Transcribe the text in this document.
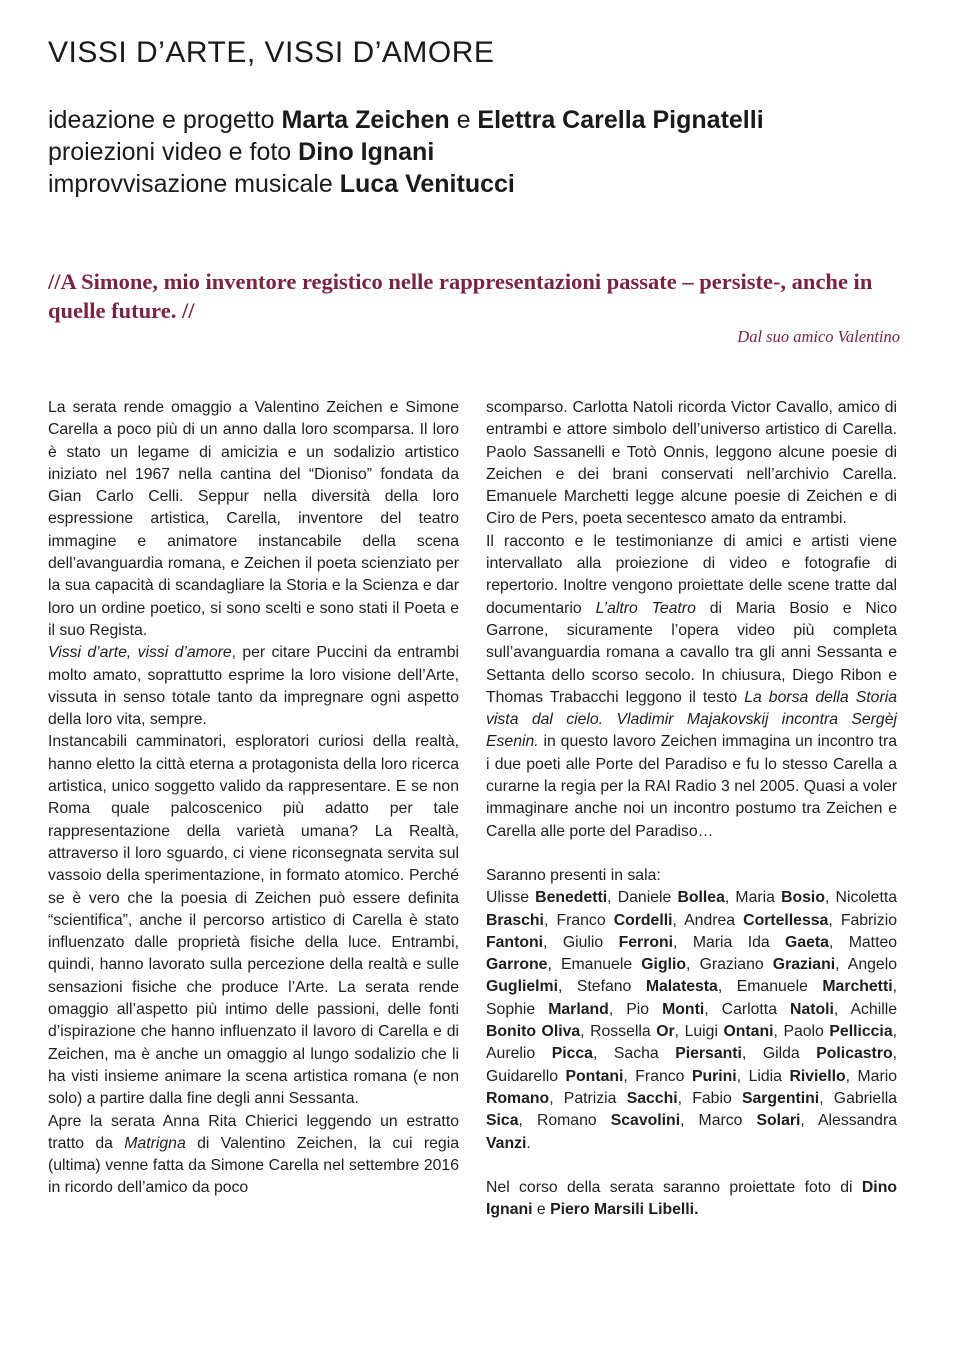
VISSI D’ARTE, VISSI D’AMORE
ideazione e progetto Marta Zeichen e Elettra Carella Pignatelli
proiezioni video e foto Dino Ignani
improvvisazione musicale Luca Venitucci

//A Simone, mio inventore registico nelle rappresentazioni passate – persiste-, anche in quelle future. //

Dal suo amico Valentino

La serata rende omaggio a Valentino Zeichen e Simone Carella a poco più di un anno dalla loro scomparsa. Il loro è stato un legame di amicizia e un sodalizio artistico iniziato nel 1967 nella cantina del “Dioniso” fondata da Gian Carlo Celli. Seppur nella diversità della loro espressione artistica, Carella, inventore del teatro immagine e animatore instancabile della scena dell’avanguardia romana, e Zeichen il poeta scienziato per la sua capacità di scandagliare la Storia e la Scienza e dar loro un ordine poetico, si sono scelti e sono stati il Poeta e il suo Regista.

Vissi d’arte, vissi d’amore, per citare Puccini da entrambi molto amato, soprattutto esprime la loro visione dell’Arte, vissuta in senso totale tanto da impregnare ogni aspetto della loro vita, sempre.

Instancabili camminatori, esploratori curiosi della realtà, hanno eletto la città eterna a protagonista della loro ricerca artistica, unico soggetto valido da rappresentare. E se non Roma quale palcoscenico più adatto per tale rappresentazione della varietà umana? La Realtà, attraverso il loro sguardo, ci viene riconsegnata servita sul vassoio della sperimentazione, in formato atomico. Perché se è vero che la poesia di Zeichen può essere definita “scientifica”, anche il percorso artistico di Carella è stato influenzato dalle proprietà fisiche della luce. Entrambi, quindi, hanno lavorato sulla percezione della realtà e sulle sensazioni fisiche che produce l’Arte. La serata rende omaggio all’aspetto più intimo delle passioni, delle fonti d’ispirazione che hanno influenzato il lavoro di Carella e di Zeichen, ma è anche un omaggio al lungo sodalizio che li ha visti insieme animare la scena artistica romana (e non solo) a partire dalla fine degli anni Sessanta.

Apre la serata Anna Rita Chierici leggendo un estratto tratto da Matrigna di Valentino Zeichen, la cui regia (ultima) venne fatta da Simone Carella nel settembre 2016 in ricordo dell’amico da poco

scomparso. Carlotta Natoli ricorda Victor Cavallo, amico di entrambi e attore simbolo dell’universo artistico di Carella. Paolo Sassanelli e Totò Onnis, leggono alcune poesie di Zeichen e dei brani conservati nell’archivio Carella. Emanuele Marchetti legge alcune poesie di Zeichen e di Ciro de Pers, poeta secentesco amato da entrambi.

Il racconto e le testimonianze di amici e artisti viene intervallato alla proiezione di video e fotografie di repertorio. Inoltre vengono proiettate delle scene tratte dal documentario L’altro Teatro di Maria Bosio e Nico Garrone, sicuramente l’opera video più completa sull’avanguardia romana a cavallo tra gli anni Sessanta e Settanta dello scorso secolo. In chiusura, Diego Ribon e Thomas Trabacchi leggono il testo La borsa della Storia vista dal cielo. Vladimir Majakovskij incontra Sergèj Esenin. in questo lavoro Zeichen immagina un incontro tra i due poeti alle Porte del Paradiso e fu lo stesso Carella a curarne la regia per la RAI Radio 3 nel 2005. Quasi a voler immaginare anche noi un incontro postumo tra Zeichen e Carella alle porte del Paradiso…

Saranno presenti in sala:

Ulisse Benedetti, Daniele Bollea, Maria Bosio, Nicoletta Braschi, Franco Cordelli, Andrea Cortellessa, Fabrizio Fantoni, Giulio Ferroni, Maria Ida Gaeta, Matteo Garrone, Emanuele Giglio, Graziano Graziani, Angelo Guglielmi, Stefano Malatesta, Emanuele Marchetti, Sophie Marland, Pio Monti, Carlotta Natoli, Achille Bonito Oliva, Rossella Or, Luigi Ontani, Paolo Pelliccia, Aurelio Picca, Sacha Piersanti, Gilda Policastro, Guidarello Pontani, Franco Purini, Lidia Riviello, Mario Romano, Patrizia Sacchi, Fabio Sargentini, Gabriella Sica, Romano Scavolini, Marco Solari, Alessandra Vanzi.

Nel corso della serata saranno proiettate foto di Dino Ignani e Piero Marsili Libelli.
